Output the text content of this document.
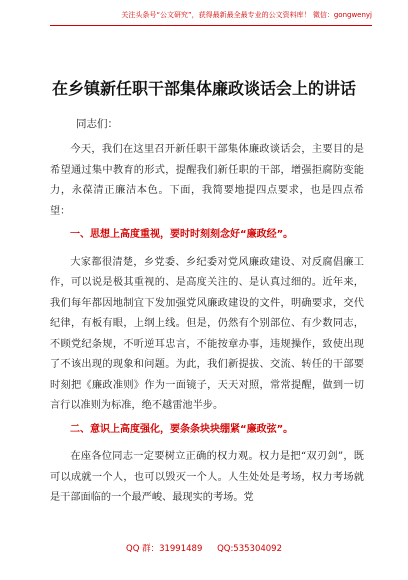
关注头条号“公文研究”，获得最新最全最专业的公文资料库！ 微信：gongwenyj
在乡镇新任职干部集体廉政谈话会上的讲话
同志们：

今天，我们在这里召开新任职干部集体廉政谈话会，主要目的是希望通过集中教育的形式，提醒我们新任职的干部，增强拒腐防变能力，永葆清正廉洁本色。下面，我简要地提四点要求，也是四点希望：

一、思想上高度重视，要时时刻刻念好“廉政经”。

大家都很清楚，乡党委、乡纪委对党风廉政建设、对反腐倡廉工作，可以说是极其重视的、是高度关注的、是认真过细的。近年来，我们每年都因地制宜下发加强党风廉政建设的文件，明确要求，交代纪律，有板有眼，上纲上线。但是，仍然有个别部位、有少数同志，不顾党纪条规，不听逆耳忠言，不能按章办事，违规操作，致使出现了不该出现的现象和问题。为此，我们新提拔、交流、转任的干部要时刻把《廉政准则》作为一面镜子，天天对照，常常提醒，做到一切言行以准则为标准，绝不越雷池半步。

二、意识上高度强化，要条条块块绷紧“廉政弦”。

在座各位同志一定要树立正确的权力观。权力是把“双刃剑”，既可以成就一个人，也可以毁灭一个人。人生处处是考场，权力考场就是干部面临的一个最严峻、最现实的考场。党

QQ 群：31991489 QQ:535304092
